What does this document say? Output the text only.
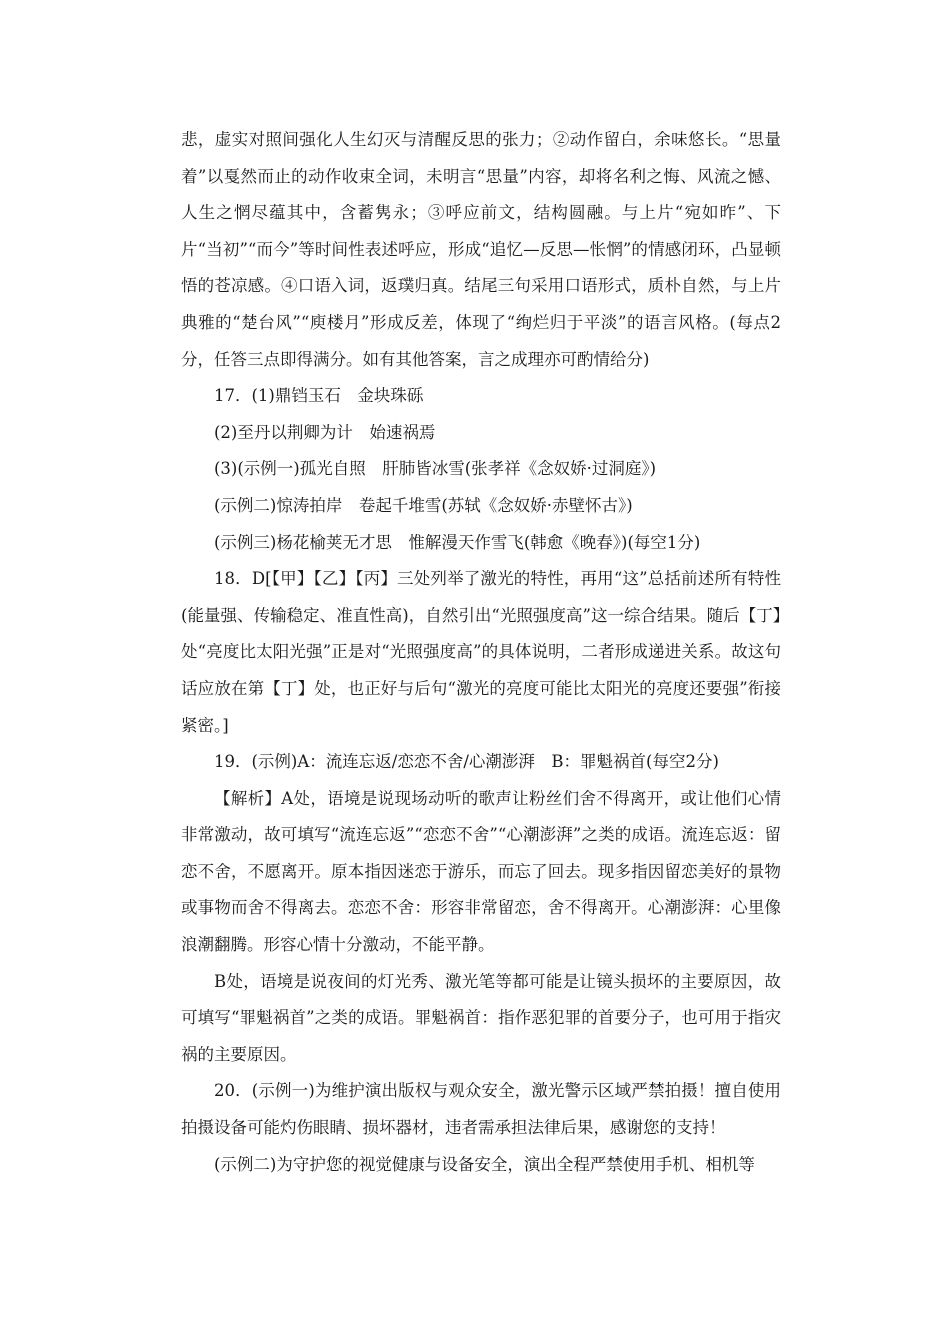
悲，虚实对照间强化人生幻灭与清醒反思的张力；②动作留白，余味悠长。“思量着”以戛然而止的动作收束全词，未明言“思量”内容，却将名利之悔、风流之憾、人生之惘尽蕴其中，含蓄隽永；③呼应前文，结构圆融。与上片“宛如昨”、下片“当初”“而今”等时间性表述呼应，形成“追忆—反思—怅惘”的情感闭环，凸显顿悟的苍凉感。④口语入词，返璞归真。结尾三句采用口语形式，质朴自然，与上片典雅的“楚台风”“庾楼月”形成反差，体现了“绚烂归于平淡”的语言风格。(每点2分，任答三点即得满分。如有其他答案，言之成理亦可酌情给分)

17．(1)鼎铛玉石　金块珠砾

(2)至丹以荆卿为计　始速祸焉

(3)(示例一)孤光自照　肝肺皆冰雪(张孝祥《念奴娇·过洞庭》)

(示例二)惊涛拍岸　卷起千堆雪(苏轼《念奴娇·赤壁怀古》)

(示例三)杨花榆荚无才思　惟解漫天作雪飞(韩愈《晚春》)(每空1分)

18．D[【甲】【乙】【丙】三处列举了激光的特性，再用“这”总括前述所有特性(能量强、传输稳定、准直性高)，自然引出“光照强度高”这一综合结果。随后【丁】处“亮度比太阳光强”正是对“光照强度高”的具体说明，二者形成递进关系。故这句话应放在第【丁】处，也正好与后句“激光的亮度可能比太阳光的亮度还要强”衔接紧密。]

19．(示例)A：流连忘返/恋恋不舍/心潮澎湃　B：罪魁祸首(每空2分)

【解析】A处，语境是说现场动听的歌声让粉丝们舍不得离开，或让他们心情非常激动，故可填写“流连忘返”“恋恋不舍”“心潮澎湃”之类的成语。流连忘返：留恋不舍，不愿离开。原本指因迷恋于游乐，而忘了回去。现多指因留恋美好的景物或事物而舍不得离去。恋恋不舍：形容非常留恋，舍不得离开。心潮澎湃：心里像浪潮翻腾。形容心情十分激动，不能平静。

B处，语境是说夜间的灯光秀、激光笔等都可能是让镜头损坏的主要原因，故可填写“罪魁祸首”之类的成语。罪魁祸首：指作恶犯罪的首要分子，也可用于指灾祸的主要原因。

20．(示例一)为维护演出版权与观众安全，激光警示区域严禁拍摄！擅自使用拍摄设备可能灼伤眼睛、损坏器材，违者需承担法律后果，感谢您的支持！

(示例二)为守护您的视觉健康与设备安全，演出全程严禁使用手机、相机等
